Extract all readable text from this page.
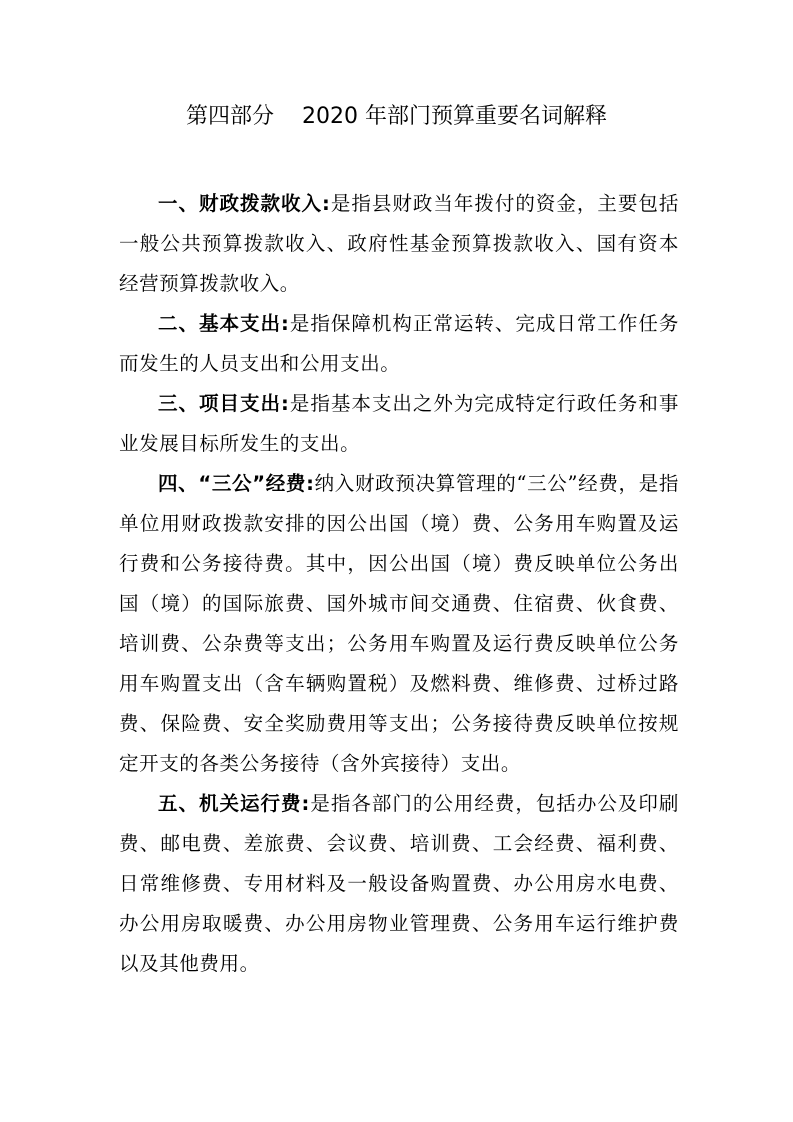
第四部分 2020 年部门预算重要名词解释

一、财政拨款收入:是指县财政当年拨付的资金，主要包括一般公共预算拨款收入、政府性基金预算拨款收入、国有资本经营预算拨款收入。

二、基本支出:是指保障机构正常运转、完成日常工作任务而发生的人员支出和公用支出。

三、项目支出:是指基本支出之外为完成特定行政任务和事业发展目标所发生的支出。

四、“三公”经费:纳入财政预决算管理的“三公”经费，是指单位用财政拨款安排的因公出国（境）费、公务用车购置及运行费和公务接待费。其中，因公出国（境）费反映单位公务出国（境）的国际旅费、国外城市间交通费、住宿费、伙食费、培训费、公杂费等支出；公务用车购置及运行费反映单位公务用车购置支出（含车辆购置税）及燃料费、维修费、过桥过路费、保险费、安全奖励费用等支出；公务接待费反映单位按规定开支的各类公务接待（含外宾接待）支出。

五、机关运行费:是指各部门的公用经费，包括办公及印刷费、邮电费、差旅费、会议费、培训费、工会经费、福利费、日常维修费、专用材料及一般设备购置费、办公用房水电费、办公用房取暖费、办公用房物业管理费、公务用车运行维护费以及其他费用。
